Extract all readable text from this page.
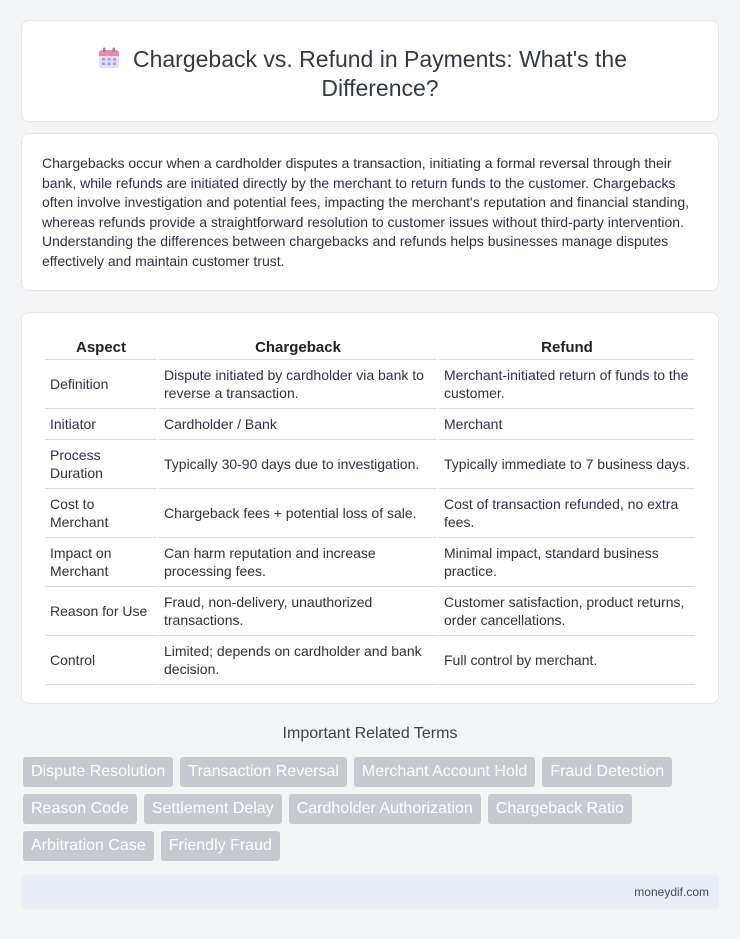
Chargeback vs. Refund in Payments: What's the Difference?

Chargebacks occur when a cardholder disputes a transaction, initiating a formal reversal through their bank, while refunds are initiated directly by the merchant to return funds to the customer. Chargebacks often involve investigation and potential fees, impacting the merchant's reputation and financial standing, whereas refunds provide a straightforward resolution to customer issues without third-party intervention. Understanding the differences between chargebacks and refunds helps businesses manage disputes effectively and maintain customer trust.

Aspect	Chargeback	Refund
Definition	Dispute initiated by cardholder via bank to reverse a transaction.	Merchant-initiated return of funds to the customer.
Initiator	Cardholder / Bank	Merchant
Process Duration	Typically 30-90 days due to investigation.	Typically immediate to 7 business days.
Cost to Merchant	Chargeback fees + potential loss of sale.	Cost of transaction refunded, no extra fees.
Impact on Merchant	Can harm reputation and increase processing fees.	Minimal impact, standard business practice.
Reason for Use	Fraud, non-delivery, unauthorized transactions.	Customer satisfaction, product returns, order cancellations.
Control	Limited; depends on cardholder and bank decision.	Full control by merchant.
Important Related Terms
Dispute Resolution	Transaction Reversal	Merchant Account Hold	Fraud Detection
Reason Code	Settlement Delay	Cardholder Authorization	Chargeback Ratio
Arbitration Case	Friendly Fraud
moneydif.com
